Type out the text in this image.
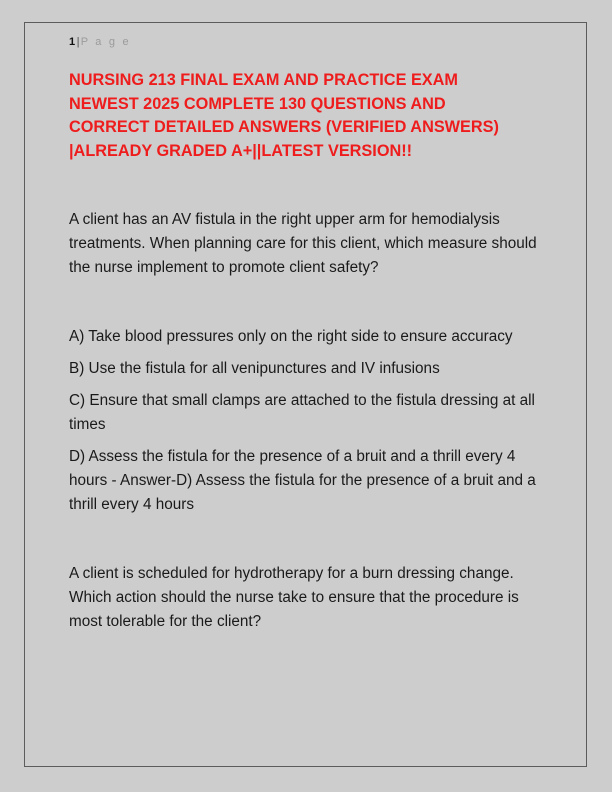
1|P a g e
NURSING 213 FINAL EXAM AND PRACTICE EXAM NEWEST 2025 COMPLETE 130 QUESTIONS AND CORRECT DETAILED ANSWERS (VERIFIED ANSWERS) |ALREADY GRADED A+||LATEST VERSION!!

A client has an AV fistula in the right upper arm for hemodialysis treatments. When planning care for this client, which measure should the nurse implement to promote client safety?

A) Take blood pressures only on the right side to ensure accuracy

B) Use the fistula for all venipunctures and IV infusions

C) Ensure that small clamps are attached to the fistula dressing at all times

D) Assess the fistula for the presence of a bruit and a thrill every 4 hours - Answer-D) Assess the fistula for the presence of a bruit and a thrill every 4 hours

A client is scheduled for hydrotherapy for a burn dressing change. Which action should the nurse take to ensure that the procedure is most tolerable for the client?
